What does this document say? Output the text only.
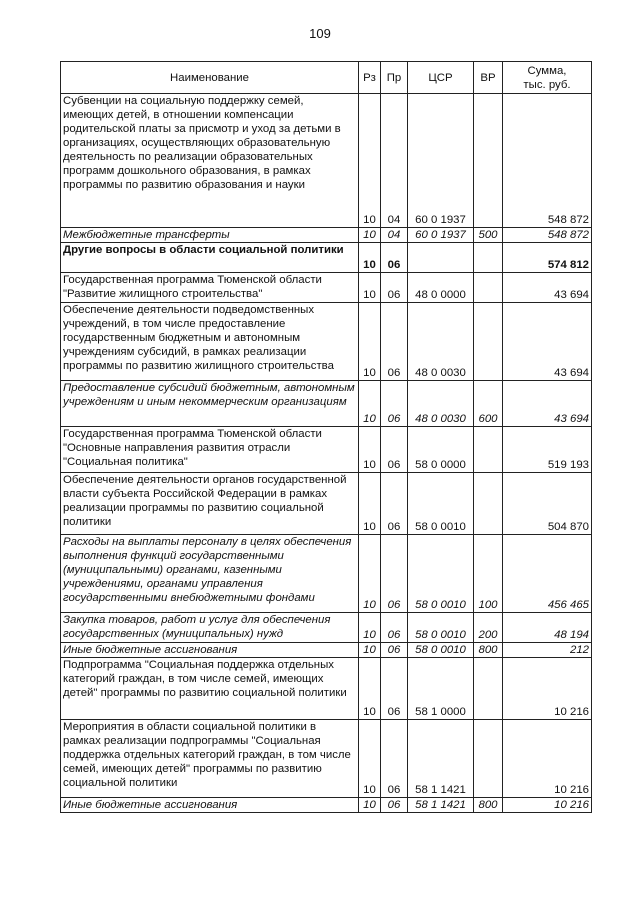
109
Наименование	Рз	Пр	ЦСР	ВР	Сумма,
тыс. руб.
Субвенции на социальную поддержку семей, имеющих детей, в отношении компенсации родительской платы за присмотр и уход за детьми в организациях, осуществляющих образовательную деятельность по реализации образовательных программ дошкольного образования, в рамках программы по развитию образования и науки	10	04	60 0 1937		548 872
Межбюджетные трансферты	10	04	60 0 1937	500	548 872
Другие вопросы в области социальной политики	10	06			574 812
Государственная программа Тюменской области "Развитие жилищного строительства"	10	06	48 0 0000		43 694
Обеспечение деятельности подведомственных учреждений, в том числе предоставление государственным бюджетным и автономным учреждениям субсидий, в рамках реализации программы по развитию жилищного строительства	10	06	48 0 0030		43 694
Предоставление субсидий бюджетным, автономным учреждениям и иным некоммерческим организациям	10	06	48 0 0030	600	43 694
Государственная программа Тюменской области "Основные направления развития отрасли "Социальная политика"	10	06	58 0 0000		519 193
Обеспечение деятельности органов государственной власти субъекта Российской Федерации в рамках реализации программы по развитию социальной политики	10	06	58 0 0010		504 870
Расходы на выплаты персоналу в целях обеспечения выполнения функций государственными (муниципальными) органами, казенными учреждениями, органами управления государственными внебюджетными фондами	10	06	58 0 0010	100	456 465
Закупка товаров, работ и услуг для обеспечения государственных (муниципальных) нужд	10	06	58 0 0010	200	48 194
Иные бюджетные ассигнования	10	06	58 0 0010	800	212
Подпрограмма "Социальная поддержка отдельных категорий граждан, в том числе семей, имеющих детей" программы по развитию социальной политики	10	06	58 1 0000		10 216
Мероприятия в области социальной политики в рамках реализации подпрограммы "Социальная поддержка отдельных категорий граждан, в том числе семей, имеющих детей" программы по развитию социальной политики	10	06	58 1 1421		10 216
Иные бюджетные ассигнования	10	06	58 1 1421	800	10 216
